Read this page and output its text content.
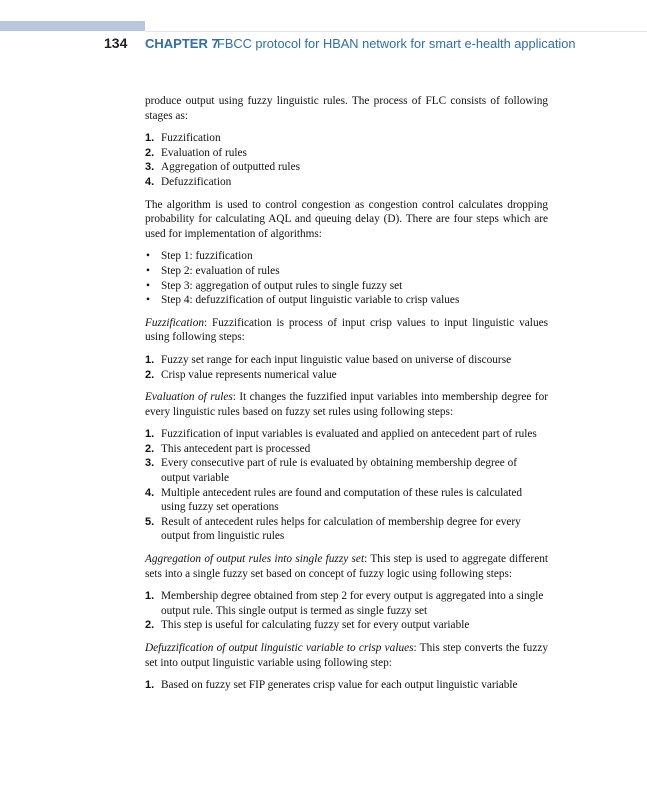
134 CHAPTER 7
FBCC protocol for HBAN network for smart e-health application

produce output using fuzzy linguistic rules. The process of FLC consists of following stages as:

1. Fuzzification
2. Evaluation of rules
3. Aggregation of outputted rules
4. Defuzzification

The algorithm is used to control congestion as congestion control calculates dropping probability for calculating AQL and queuing delay (D). There are four steps which are used for implementation of algorithms:

• Step 1: fuzzification
• Step 2: evaluation of rules
• Step 3: aggregation of output rules to single fuzzy set
• Step 4: defuzzification of output linguistic variable to crisp values

Fuzzification: Fuzzification is process of input crisp values to input linguistic values using following steps:

1. Fuzzy set range for each input linguistic value based on universe of discourse
2. Crisp value represents numerical value

Evaluation of rules: It changes the fuzzified input variables into membership degree for every linguistic rules based on fuzzy set rules using following steps:

1. Fuzzification of input variables is evaluated and applied on antecedent part of rules
2. This antecedent part is processed
3. Every consecutive part of rule is evaluated by obtaining membership degree of output variable
4. Multiple antecedent rules are found and computation of these rules is calculated using fuzzy set operations
5. Result of antecedent rules helps for calculation of membership degree for every output from linguistic rules

Aggregation of output rules into single fuzzy set: This step is used to aggregate different sets into a single fuzzy set based on concept of fuzzy logic using following steps:

1. Membership degree obtained from step 2 for every output is aggregated into a single output rule. This single output is termed as single fuzzy set
2. This step is useful for calculating fuzzy set for every output variable

Defuzzification of output linguistic variable to crisp values: This step converts the fuzzy set into output linguistic variable using following step:

1. Based on fuzzy set FIP generates crisp value for each output linguistic variable
